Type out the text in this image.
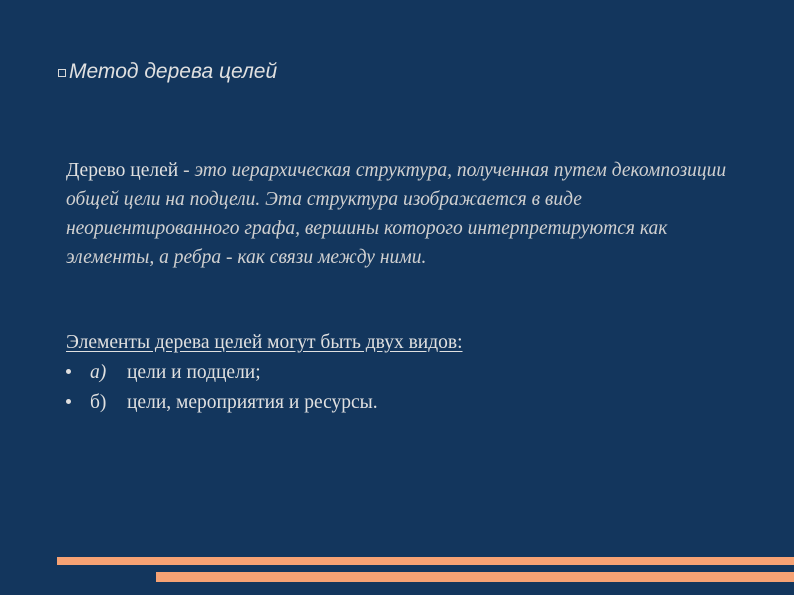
Метод дерева целей

Дерево целей - это иерархическая структура, полученная путем декомпозиции общей цели на подцели. Эта структура изображается в виде неориентированного графа, вершины которого интерпретируются как элементы, а ребра - как связи между ними.

Элементы дерева целей могут быть двух видов:
а)	цели и подцели;
б)	цели, мероприятия и ресурсы.
